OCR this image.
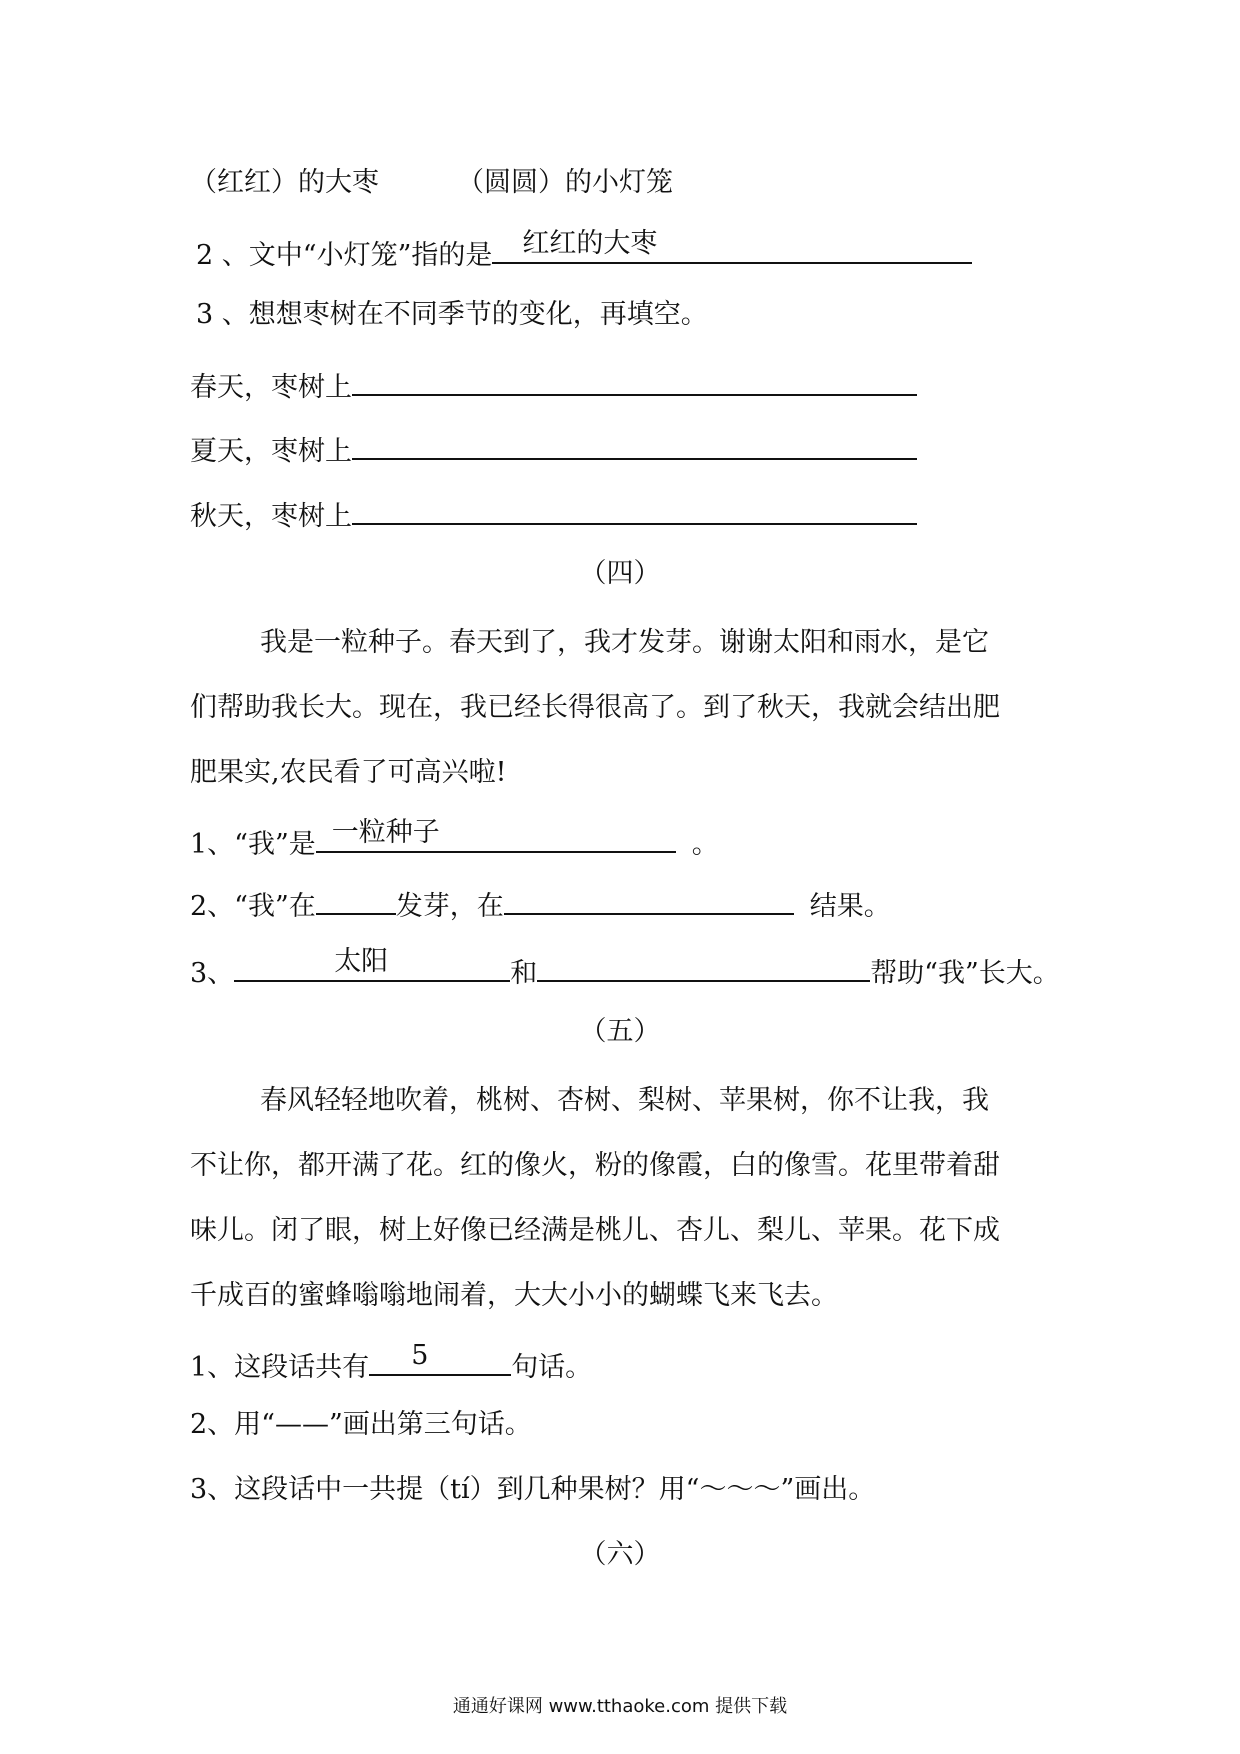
（红红）的大枣	（圆圆）的小灯笼
2 、文中“小灯笼”指的是 红红的大枣
3 、想想枣树在不同季节的变化，再填空。
春天，枣树上
夏天，枣树上
秋天，枣树上
（四）
我是一粒种子。春天到了，我才发芽。谢谢太阳和雨水，是它
们帮助我长大。现在，我已经长得很高了。到了秋天，我就会结出肥
肥果实,农民看了可高兴啦!
1、“我”是 一粒种子	。
2、“我”在	发芽，在	结果。
3、	太阳	和	帮助“我”长大。
（五）
春风轻轻地吹着，桃树、杏树、梨树、苹果树，你不让我，我
不让你，都开满了花。红的像火，粉的像霞，白的像雪。花里带着甜
味儿。闭了眼，树上好像已经满是桃儿、杏儿、梨儿、苹果。花下成
千成百的蜜蜂嗡嗡地闹着，大大小小的蝴蝶飞来飞去。
1、这段话共有 5	句话。
2、用“——”画出第三句话。
3、这段话中一共提（tí）到几种果树？用“～～～”画出。
（六）
通通好课网 www.tthaoke.com 提供下载
